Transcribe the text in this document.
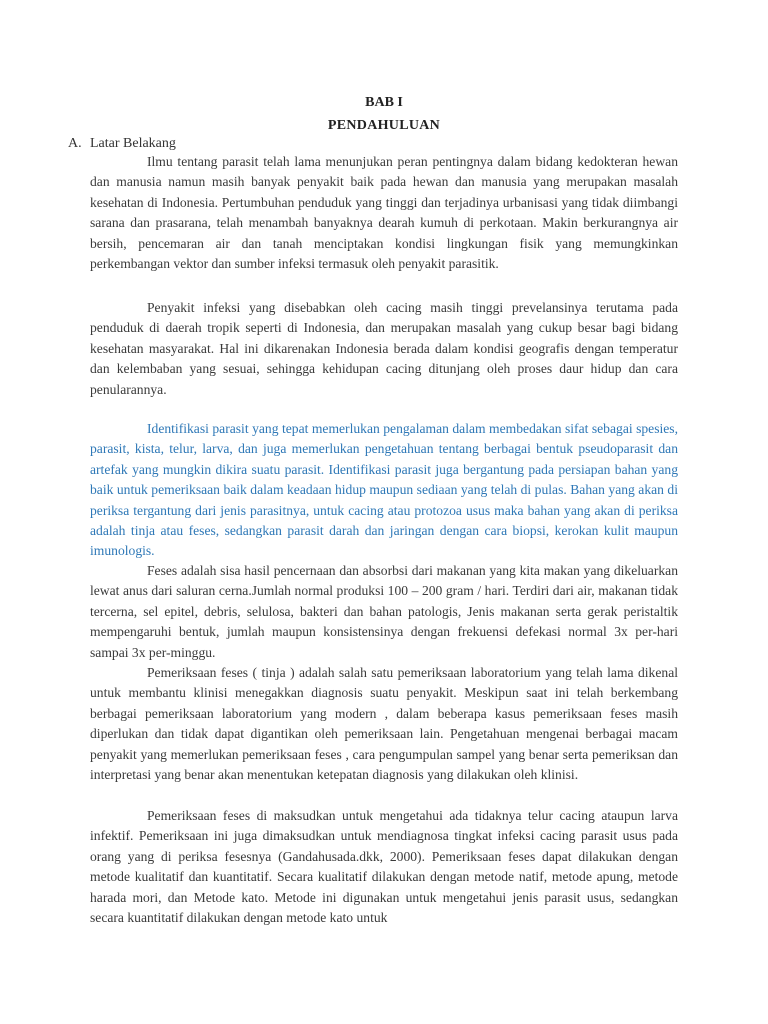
BAB I
PENDAHULUAN
A. Latar Belakang

Ilmu tentang parasit telah lama menunjukan peran pentingnya dalam bidang kedokteran hewan dan manusia namun masih banyak penyakit baik pada hewan dan manusia yang merupakan masalah kesehatan di Indonesia. Pertumbuhan penduduk yang tinggi dan terjadinya urbanisasi yang tidak diimbangi sarana dan prasarana, telah menambah banyaknya dearah kumuh di perkotaan. Makin berkurangnya air bersih, pencemaran air dan tanah menciptakan kondisi lingkungan fisik yang memungkinkan perkembangan vektor dan sumber infeksi termasuk oleh penyakit parasitik.

Penyakit infeksi yang disebabkan oleh cacing masih tinggi prevelansinya terutama pada penduduk di daerah tropik seperti di Indonesia, dan merupakan masalah yang cukup besar bagi bidang kesehatan masyarakat. Hal ini dikarenakan Indonesia berada dalam kondisi geografis dengan temperatur dan kelembaban yang sesuai, sehingga kehidupan cacing ditunjang oleh proses daur hidup dan cara penularannya.

Identifikasi parasit yang tepat memerlukan pengalaman dalam membedakan sifat sebagai spesies, parasit, kista, telur, larva, dan juga memerlukan pengetahuan tentang berbagai bentuk pseudoparasit dan artefak yang mungkin dikira suatu parasit. Identifikasi parasit juga bergantung pada persiapan bahan yang baik untuk pemeriksaan baik dalam keadaan hidup maupun sediaan yang telah di pulas. Bahan yang akan di periksa tergantung dari jenis parasitnya, untuk cacing atau protozoa usus maka bahan yang akan di periksa adalah tinja atau feses, sedangkan parasit darah dan jaringan dengan cara biopsi, kerokan kulit maupun imunologis.

Feses adalah sisa hasil pencernaan dan absorbsi dari makanan yang kita makan yang dikeluarkan lewat anus dari saluran cerna.Jumlah normal produksi 100 – 200 gram / hari. Terdiri dari air, makanan tidak tercerna, sel epitel, debris, selulosa, bakteri dan bahan patologis, Jenis makanan serta gerak peristaltik mempengaruhi bentuk, jumlah maupun konsistensinya dengan frekuensi defekasi normal 3x per-hari sampai 3x per-minggu.

Pemeriksaan feses ( tinja ) adalah salah satu pemeriksaan laboratorium yang telah lama dikenal untuk membantu klinisi menegakkan diagnosis suatu penyakit. Meskipun saat ini telah berkembang berbagai pemeriksaan laboratorium yang modern , dalam beberapa kasus pemeriksaan feses masih diperlukan dan tidak dapat digantikan oleh pemeriksaan lain. Pengetahuan mengenai berbagai macam penyakit yang memerlukan pemeriksaan feses , cara pengumpulan sampel yang benar serta pemeriksan dan interpretasi yang benar akan menentukan ketepatan diagnosis yang dilakukan oleh klinisi.

Pemeriksaan feses di maksudkan untuk mengetahui ada tidaknya telur cacing ataupun larva infektif. Pemeriksaan ini juga dimaksudkan untuk mendiagnosa tingkat infeksi cacing parasit usus pada orang yang di periksa fesesnya (Gandahusada.dkk, 2000). Pemeriksaan feses dapat dilakukan dengan metode kualitatif dan kuantitatif. Secara kualitatif dilakukan dengan metode natif, metode apung, metode harada mori, dan Metode kato. Metode ini digunakan untuk mengetahui jenis parasit usus, sedangkan secara kuantitatif dilakukan dengan metode kato untuk
